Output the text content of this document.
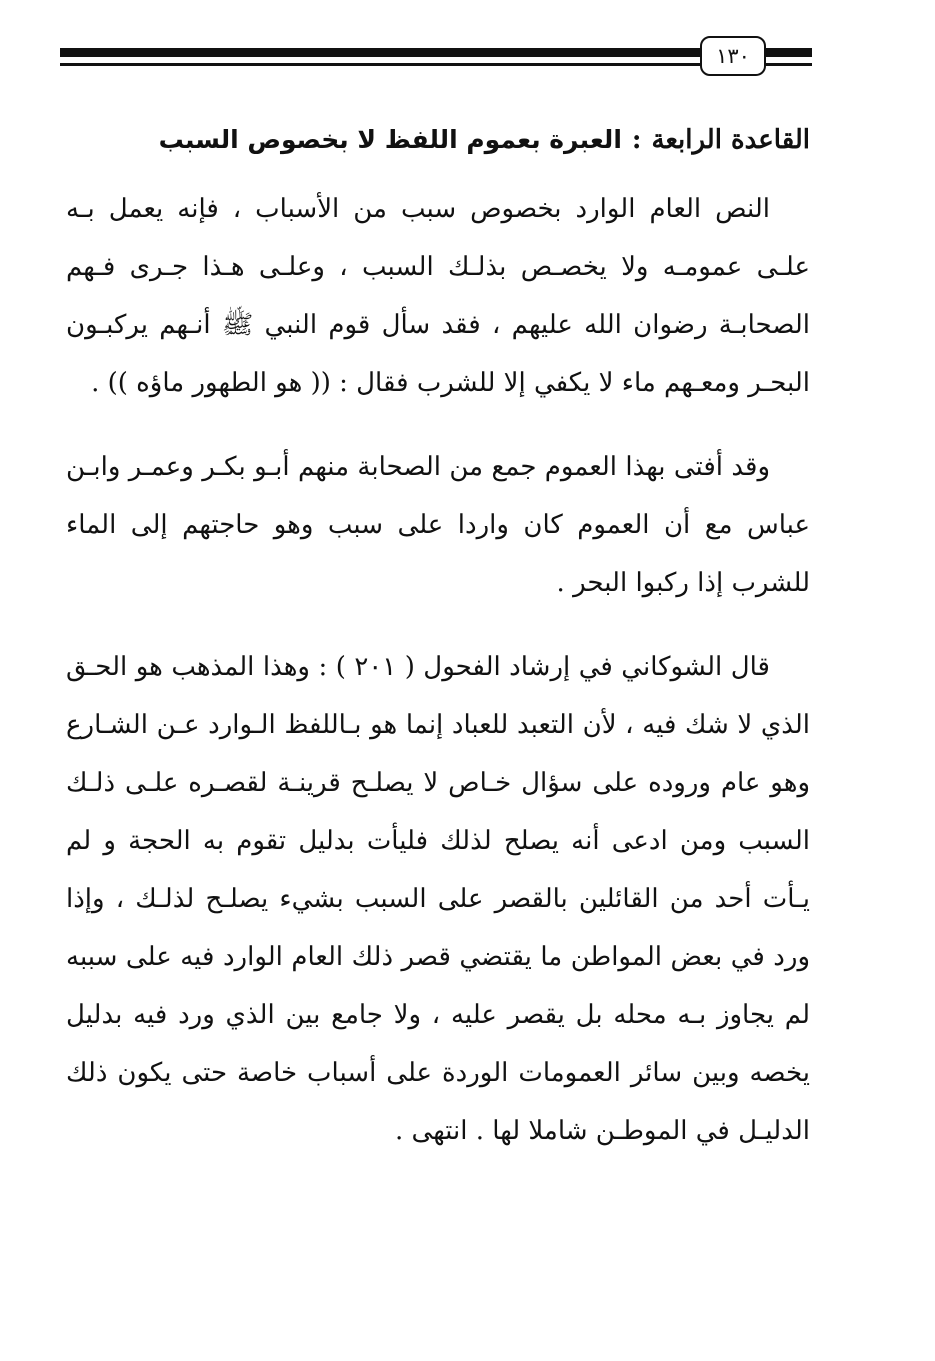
١٣٠
القاعدة الرابعة:العبرة بعموم اللفظ لا بخصوص السبب

النص العام الوارد بخصوص سبب من الأسباب ، فإنه يعمل بـه علـى عمومـه ولا يخصـص بذلـك السبب ، وعلـى هـذا جـرى فـهم الصحابـة رضوان الله عليهم ، فقد سأل قوم النبي ﷺ أنـهم يركبـون البحـر ومعـهم ماء لا يكفي إلا للشرب فقال : (( هو الطهور ماؤه )) .

وقد أفتى بهذا العموم جمع من الصحابة منهم أبـو بكـر وعمـر وابـن عباس مع أن العموم كان واردا على سبب وهو حاجتهم إلى الماء للشرب إذا ركبوا البحر .

قال الشوكاني في إرشاد الفحول ( ٢٠١ ) : وهذا المذهب هو الحـق الذي لا شك فيه ، لأن التعبد للعباد إنما هو بـاللفظ الـوارد عـن الشـارع وهو عام وروده على سؤال خـاص لا يصلـح قرينـة لقصـره علـى ذلـك السبب ومن ادعى أنه يصلح لذلك فليأت بدليل تقوم به الحجة و لم يـأت أحد من القائلين بالقصر على السبب بشيء يصلـح لذلـك ، وإذا ورد في بعض المواطن ما يقتضي قصر ذلك العام الوارد فيه على سببه لم يجاوز بـه محله بل يقصر عليه ، ولا جامع بين الذي ورد فيه بدليل يخصه وبين سائر العمومات الوردة على أسباب خاصة حتى يكون ذلك الدليـل في الموطـن شاملا لها . انتهى .
